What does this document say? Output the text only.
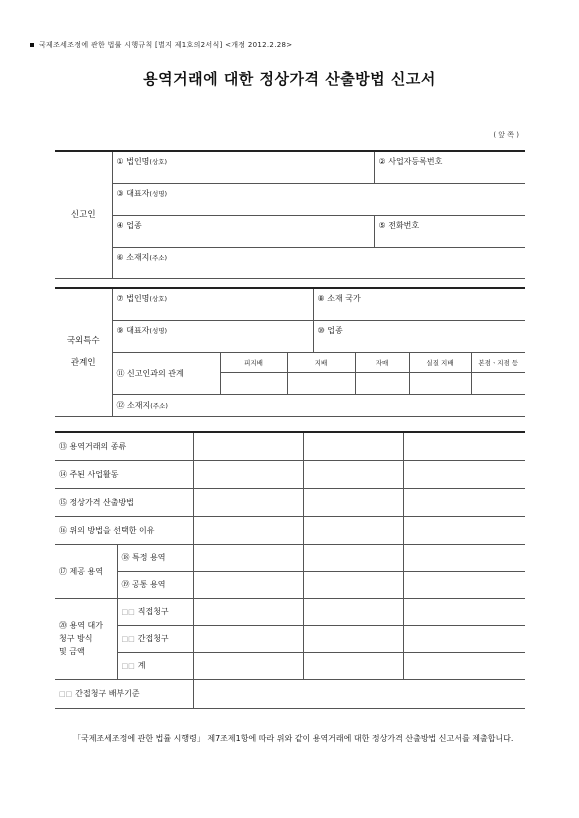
국제조세조정에 관한 법률 시행규칙 [별지 제1호의2서식] <개정 2012.2.28>
용역거래에 대한 정상가격 산출방법 신고서
( 앞 쪽 )
신고인	① 법인명(상호)	② 사업자등록번호
	③ 대표자(성명)	
	④ 업종	⑤ 전화번호
	⑥ 소재지(주소)	
국외특수
관계인	⑦ 법인명(상호)			⑧ 소재 국가			
	⑨ 대표자(성명)			⑩ 업종			
	⑪ 신고인과의 관계	피지배	지배		자매	실질 지배	본점ㆍ지점 등

	⑫ 소재지(주소)						
⑬ 용역거래의 종류				
⑭ 주된 사업활동				
⑮ 정상가격 산출방법				
⑯ 위의 방법을 선택한 이유				
⑰ 제공 용역	⑱ 특정 용역			
	⑲ 공통 용역			
⑳ 용역 대가
청구 방식
및 금액	□□ 직접청구			
	□□ 간접청구			
	□□ 계			
□□ 간접청구 배부기준				
「국제조세조정에 관한 법률 시행령」 제7조제1항에 따라 위와 같이 용역거래에 대한 정상가격 산출방법 신고서를 제출합니다.
